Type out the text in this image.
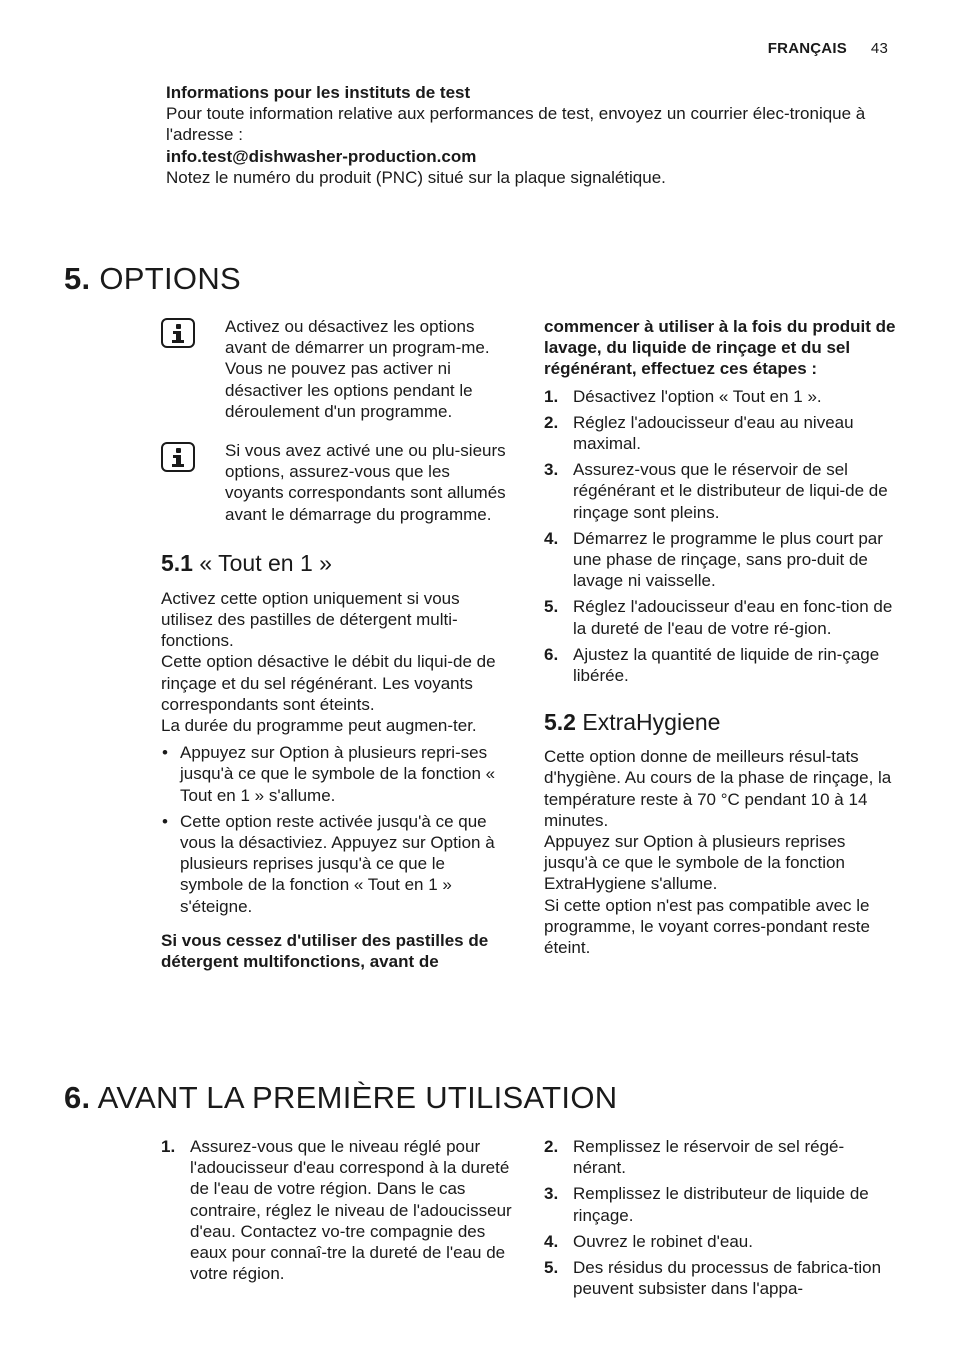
FRANÇAIS 43

Informations pour les instituts de test

Pour toute information relative aux performances de test, envoyez un courrier élec-tronique à l'adresse :

info.test@dishwasher-production.com

Notez le numéro du produit (PNC) situé sur la plaque signalétique.

5. OPTIONS

Activez ou désactivez les options avant de démarrer un program-me. Vous ne pouvez pas activer ni désactiver les options pendant le déroulement d'un programme.

Si vous avez activé une ou plu-sieurs options, assurez-vous que les voyants correspondants sont allumés avant le démarrage du programme.

5.1 « Tout en 1 »

Activez cette option uniquement si vous utilisez des pastilles de détergent multi-fonctions.

Cette option désactive le débit du liqui-de de rinçage et du sel régénérant. Les voyants correspondants sont éteints.

La durée du programme peut augmen-ter.

• Appuyez sur Option à plusieurs repri-ses jusqu'à ce que le symbole de la fonction « Tout en 1 » s'allume.
• Cette option reste activée jusqu'à ce que vous la désactiviez. Appuyez sur Option à plusieurs reprises jusqu'à ce que le symbole de la fonction « Tout en 1 » s'éteigne.

Si vous cessez d'utiliser des pastilles de détergent multifonctions, avant de

commencer à utiliser à la fois du produit de lavage, du liquide de rinçage et du sel régénérant, effectuez ces étapes :

1. Désactivez l'option « Tout en 1 ».
2. Réglez l'adoucisseur d'eau au niveau maximal.
3. Assurez-vous que le réservoir de sel régénérant et le distributeur de liqui-de de rinçage sont pleins.
4. Démarrez le programme le plus court par une phase de rinçage, sans pro-duit de lavage ni vaisselle.
5. Réglez l'adoucisseur d'eau en fonc-tion de la dureté de l'eau de votre ré-gion.
6. Ajustez la quantité de liquide de rin-çage libérée.
5.2 ExtraHygiene

Cette option donne de meilleurs résul-tats d'hygiène. Au cours de la phase de rinçage, la température reste à 70 °C pendant 10 à 14 minutes.

Appuyez sur Option à plusieurs reprises jusqu'à ce que le symbole de la fonction ExtraHygiene s'allume.

Si cette option n'est pas compatible avec le programme, le voyant corres-pondant reste éteint.

6. AVANT LA PREMIÈRE UTILISATION
1. Assurez-vous que le niveau réglé pour l'adoucisseur d'eau correspond à la dureté de l'eau de votre région. Dans le cas contraire, réglez le niveau de l'adoucisseur d'eau. Contactez vo-tre compagnie des eaux pour connaî-tre la dureté de l'eau de votre région.
2. Remplissez le réservoir de sel régé-nérant.
3. Remplissez le distributeur de liquide de rinçage.
4. Ouvrez le robinet d'eau.
5. Des résidus du processus de fabrica-tion peuvent subsister dans l'appa-
